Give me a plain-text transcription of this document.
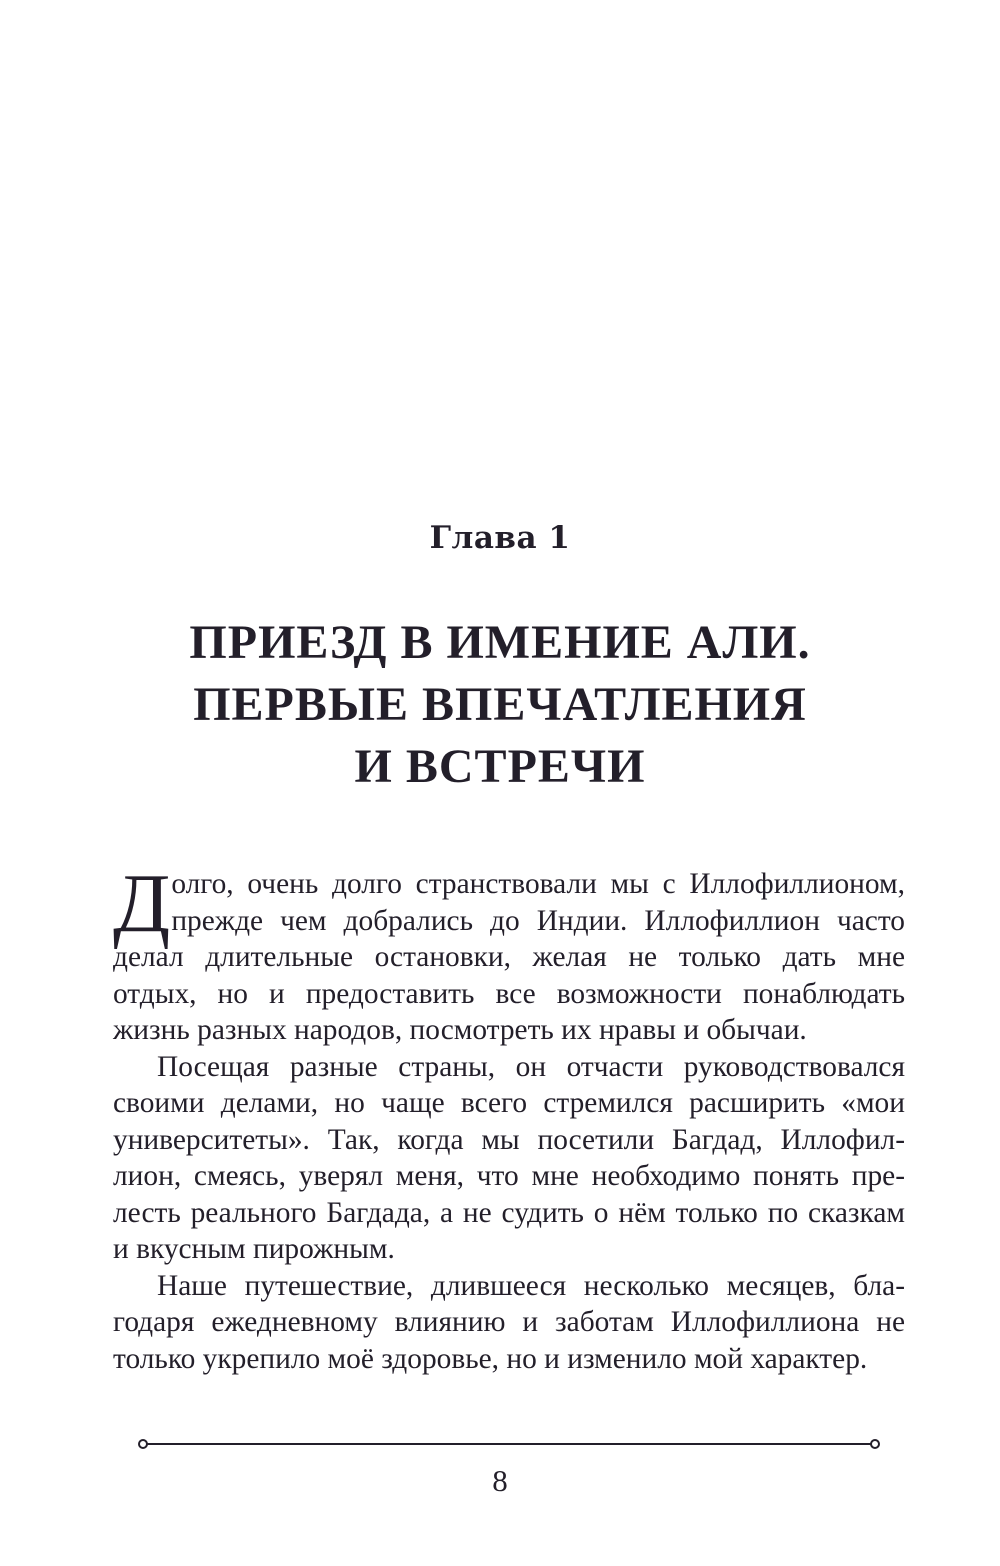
Глава 1
ПРИЕЗД В ИМЕНИЕ АЛИ.
ПЕРВЫЕ ВПЕЧАТЛЕНИЯ
И ВСТРЕЧИ
Д олго, очень долго странствовали мы с Иллофиллионом,
прежде чем добрались до Индии. Иллофиллион часто
делал длительные остановки, желая не только дать мне
отдых, но и предоставить все возможности понаблюдать
жизнь разных народов, посмотреть их нравы и обычаи.
Посещая разные страны, он отчасти руководствовался
своими делами, но чаще всего стремился расширить «мои
университеты». Так, когда мы посетили Багдад, Иллофил-
лион, смеясь, уверял меня, что мне необходимо понять пре-
лесть реального Багдада, а не судить о нём только по сказкам
и вкусным пирожным.
Наше путешествие, длившееся несколько месяцев, бла-
годаря ежедневному влиянию и заботам Иллофиллиона не
только укрепило моё здоровье, но и изменило мой характер.
8
